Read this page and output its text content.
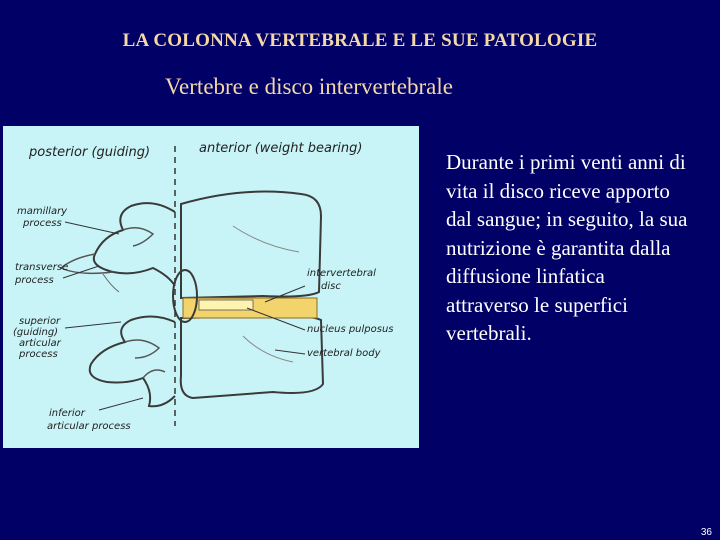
LA COLONNA VERTEBRALE E LE SUE PATOLOGIE
Vertebre e disco intervertebrale
posterior (guiding)	anterior (weight bearing)
mamillary process
transverse process
superior (guiding) articular process
inferior articular process
intervertebral disc
nucleus pulposus
vertebral body
Durante i primi venti anni di
vita il disco riceve apporto
dal sangue; in seguito, la sua
nutrizione è garantita dalla
diffusione linfatica
attraverso le superfici
vertebrali.
36
